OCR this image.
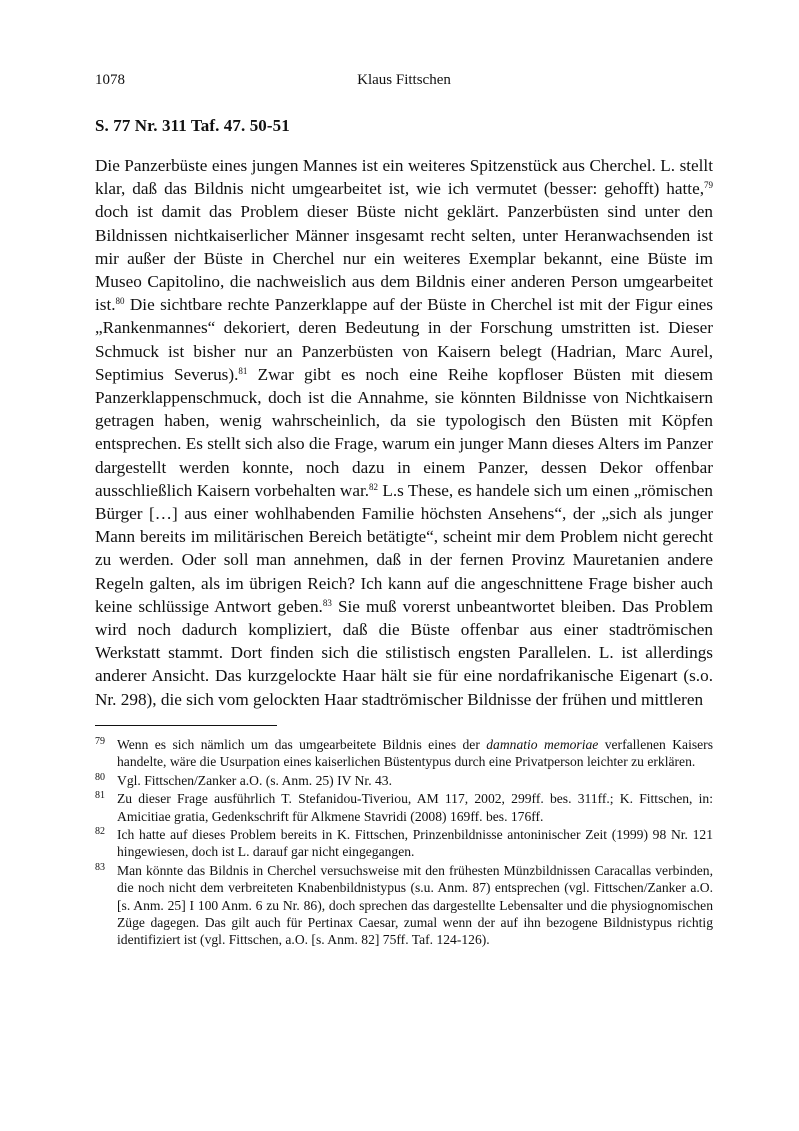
1078	Klaus Fittschen
S. 77 Nr. 311 Taf. 47. 50-51
Die Panzerbüste eines jungen Mannes ist ein weiteres Spitzenstück aus Cherchel. L. stellt klar, daß das Bildnis nicht umgearbeitet ist, wie ich vermutet (besser: gehofft) hatte,$^{79}$ doch ist damit das Problem dieser Büste nicht geklärt. Panzerbüsten sind unter den Bildnissen nichtkaiserlicher Männer insgesamt recht selten, unter Heranwachsenden ist mir außer der Büste in Cherchel nur ein weiteres Exemplar bekannt, eine Büste im Museo Capitolino, die nachweislich aus dem Bildnis einer anderen Person umgearbeitet ist.$^{80}$ Die sichtbare rechte Panzerklappe auf der Büste in Cherchel ist mit der Figur eines „Rankenmannes“ dekoriert, deren Bedeutung in der Forschung umstritten ist. Dieser Schmuck ist bisher nur an Panzerbüsten von Kaisern belegt (Hadrian, Marc Aurel, Septimius Severus).$^{81}$ Zwar gibt es noch eine Reihe kopfloser Büsten mit diesem Panzerklappenschmuck, doch ist die Annahme, sie könnten Bildnisse von Nichtkaisern getragen haben, wenig wahrscheinlich, da sie typologisch den Büsten mit Köpfen entsprechen. Es stellt sich also die Frage, warum ein junger Mann dieses Alters im Panzer dargestellt werden konnte, noch dazu in einem Panzer, dessen Dekor offenbar ausschließlich Kaisern vorbehalten war.$^{82}$ L.s These, es handele sich um einen „römischen Bürger […] aus einer wohlhabenden Familie höchsten Ansehens“, der „sich als junger Mann bereits im militärischen Bereich betätigte“, scheint mir dem Problem nicht gerecht zu werden. Oder soll man annehmen, daß in der fernen Provinz Mauretanien andere Regeln galten, als im übrigen Reich? Ich kann auf die angeschnittene Frage bisher auch keine schlüssige Antwort geben.$^{83}$ Sie muß vorerst unbeantwortet bleiben. Das Problem wird noch dadurch kompliziert, daß die Büste offenbar aus einer stadtrömischen Werkstatt stammt. Dort finden sich die stilistisch engsten Parallelen. L. ist allerdings anderer Ansicht. Das kurzgelockte Haar hält sie für eine nordafrikanische Eigenart (s.o. Nr. 298), die sich vom gelockten Haar stadtrömischer Bildnisse der frühen und mittleren
79 Wenn es sich nämlich um das umgearbeitete Bildnis eines der damnatio memoriae verfallenen Kaisers handelte, wäre die Usurpation eines kaiserlichen Büstentypus durch eine Privatperson leichter zu erklären.
80 Vgl. Fittschen/Zanker a.O. (s. Anm. 25) IV Nr. 43.
81 Zu dieser Frage ausführlich T. Stefanidou-Tiveriou, AM 117, 2002, 299ff. bes. 311ff.; K. Fittschen, in: Amicitiae gratia, Gedenkschrift für Alkmene Stavridi (2008) 169ff. bes. 176ff.
82 Ich hatte auf dieses Problem bereits in K. Fittschen, Prinzenbildnisse antoninischer Zeit (1999) 98 Nr. 121 hingewiesen, doch ist L. darauf gar nicht eingegangen.
83 Man könnte das Bildnis in Cherchel versuchsweise mit den frühesten Münzbildnissen Caracallas verbinden, die noch nicht dem verbreiteten Knabenbildnistypus (s.u. Anm. 87) entsprechen (vgl. Fittschen/Zanker a.O. [s. Anm. 25] I 100 Anm. 6 zu Nr. 86), doch sprechen das dargestellte Lebensalter und die physiognomischen Züge dagegen. Das gilt auch für Pertinax Caesar, zumal wenn der auf ihn bezogene Bildnistypus richtig identifiziert ist (vgl. Fittschen, a.O. [s. Anm. 82] 75ff. Taf. 124-126).
